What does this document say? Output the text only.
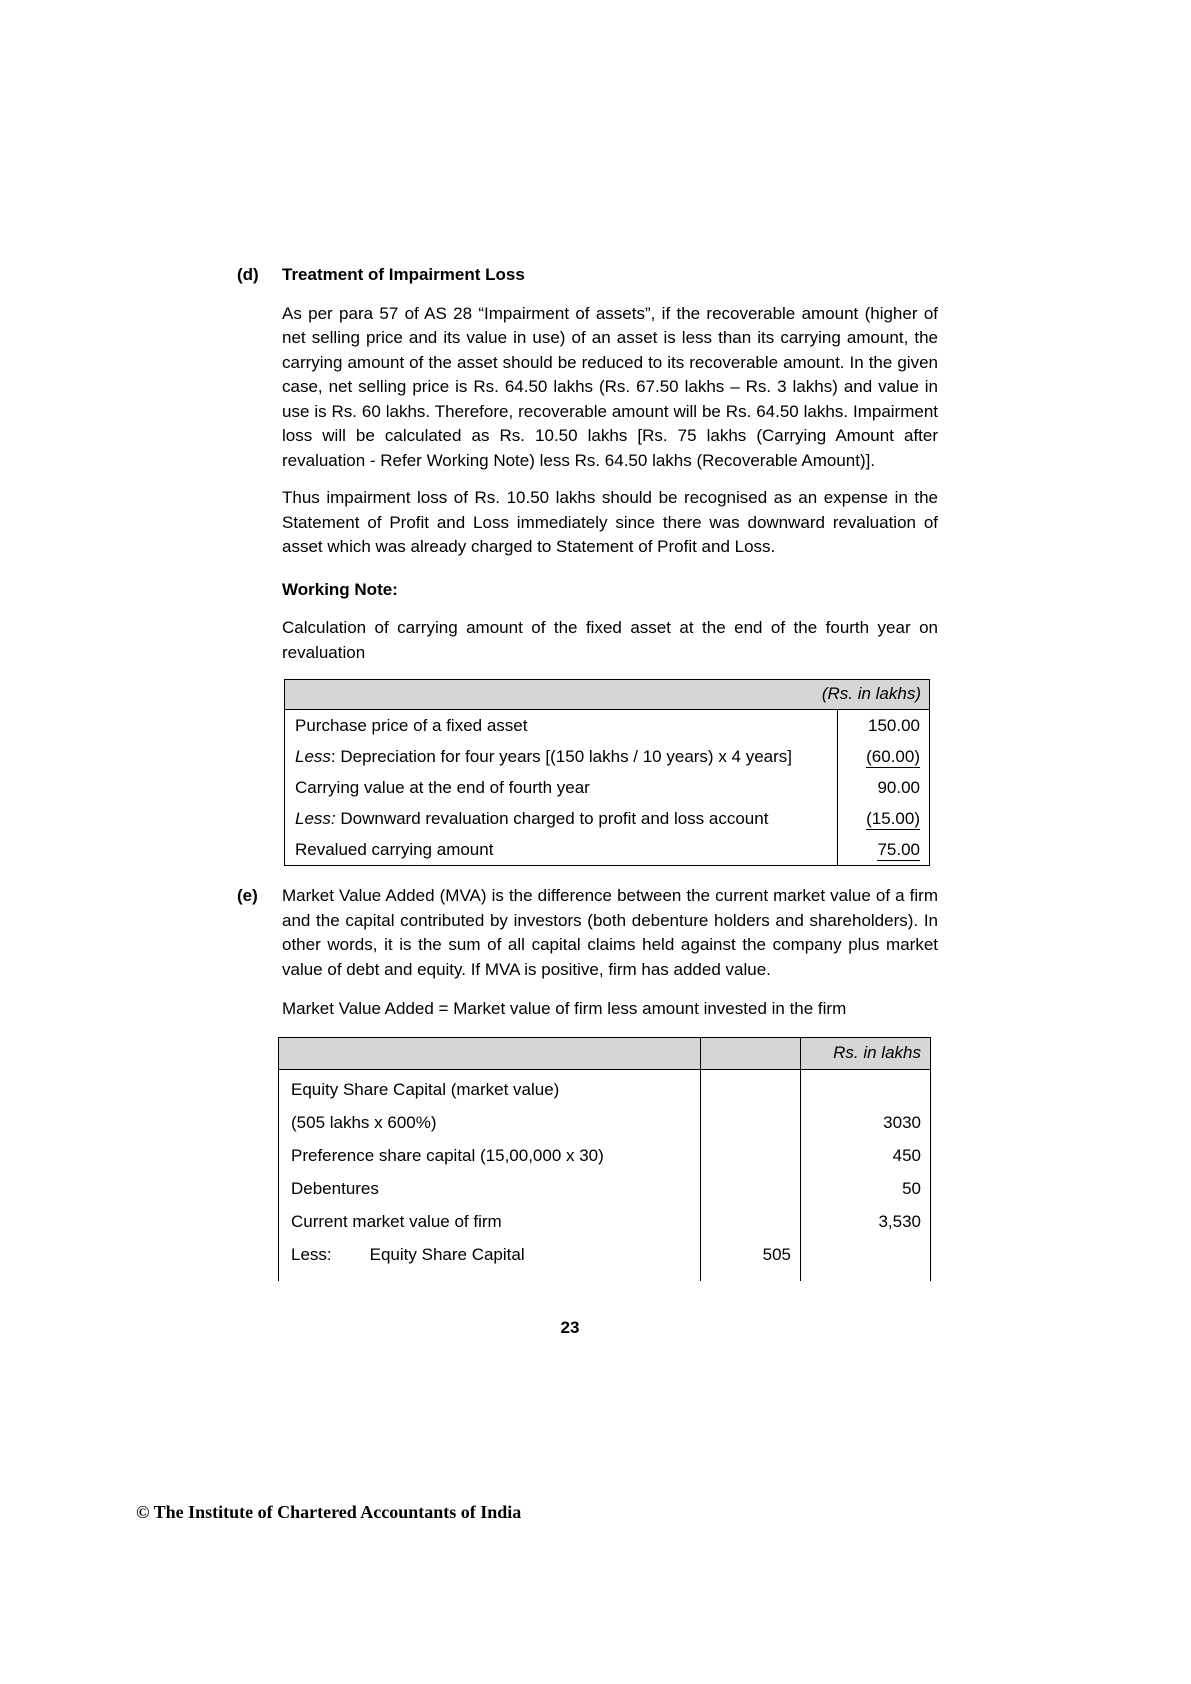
(d)	Treatment of Impairment Loss

As per para 57 of AS 28 “Impairment of assets”, if the recoverable amount (higher of net selling price and its value in use) of an asset is less than its carrying amount, the carrying amount of the asset should be reduced to its recoverable amount. In the given case, net selling price is Rs. 64.50 lakhs (Rs. 67.50 lakhs – Rs. 3 lakhs) and value in use is Rs. 60 lakhs. Therefore, recoverable amount will be Rs. 64.50 lakhs. Impairment loss will be calculated as Rs. 10.50 lakhs [Rs. 75 lakhs (Carrying Amount after revaluation - Refer Working Note) less Rs. 64.50 lakhs (Recoverable Amount)].

Thus impairment loss of Rs. 10.50 lakhs should be recognised as an expense in the Statement of Profit and Loss immediately since there was downward revaluation of asset which was already charged to Statement of Profit and Loss.

Working Note:

Calculation of carrying amount of the fixed asset at the end of the fourth year on revaluation

(Rs. in lakhs)	
Purchase price of a fixed asset	150.00
Less: Depreciation for four years [(150 lakhs / 10 years) x 4 years]	(60.00)
Carrying value at the end of fourth year	90.00
Less: Downward revaluation charged to profit and loss account	(15.00)
Revalued carrying amount	75.00
(e)	Market Value Added (MVA) is the difference between the current market value of a firm and the capital contributed by investors (both debenture holders and shareholders). In other words, it is the sum of all capital claims held against the company plus market value of debt and equity. If MVA is positive, firm has added value.

Market Value Added = Market value of firm less amount invested in the firm

		Rs. in lakhs
Equity Share Capital (market value)		
(505 lakhs x 600%)		3030
Preference share capital (15,00,000 x 30)		450
Debentures		50
Current market value of firm		3,530
Less: Equity Share Capital	505	
23
© The Institute of Chartered Accountants of India
